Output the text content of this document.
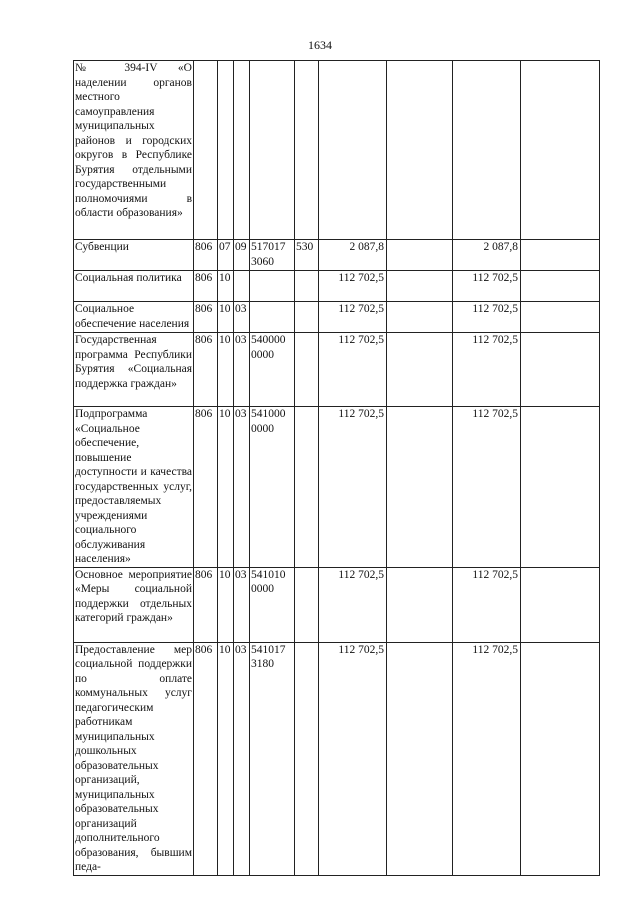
1634
№ 394-IV «О наделении органов местного самоуправления муниципальных районов и городских округов в Республике Бурятия отдельными государственными полномочиями в области образования»									
Субвенции	806	07	09	517017 3060	530	2 087,8		2 087,8	
Социальная политика	806	10				112 702,5		112 702,5	
Социальное обеспечение населения	806	10	03			112 702,5		112 702,5	
Государственная программа Республики Бурятия «Социальная поддержка граждан»	806	10	03	540000 0000		112 702,5		112 702,5	
Подпрограмма «Социальное обеспечение, повышение доступности и качества государственных услуг, предоставляемых учреждениями социального обслуживания населения»	806	10	03	541000 0000		112 702,5		112 702,5	
Основное мероприятие «Меры социальной поддержки отдельных категорий граждан»	806	10	03	541010 0000		112 702,5		112 702,5	
Предоставление мер социальной поддержки по оплате коммунальных услуг педагогическим работникам муниципальных дошкольных образовательных организаций, муниципальных образовательных организаций дополнительного образования, бывшим педа-	806	10	03	541017 3180		112 702,5		112 702,5	
